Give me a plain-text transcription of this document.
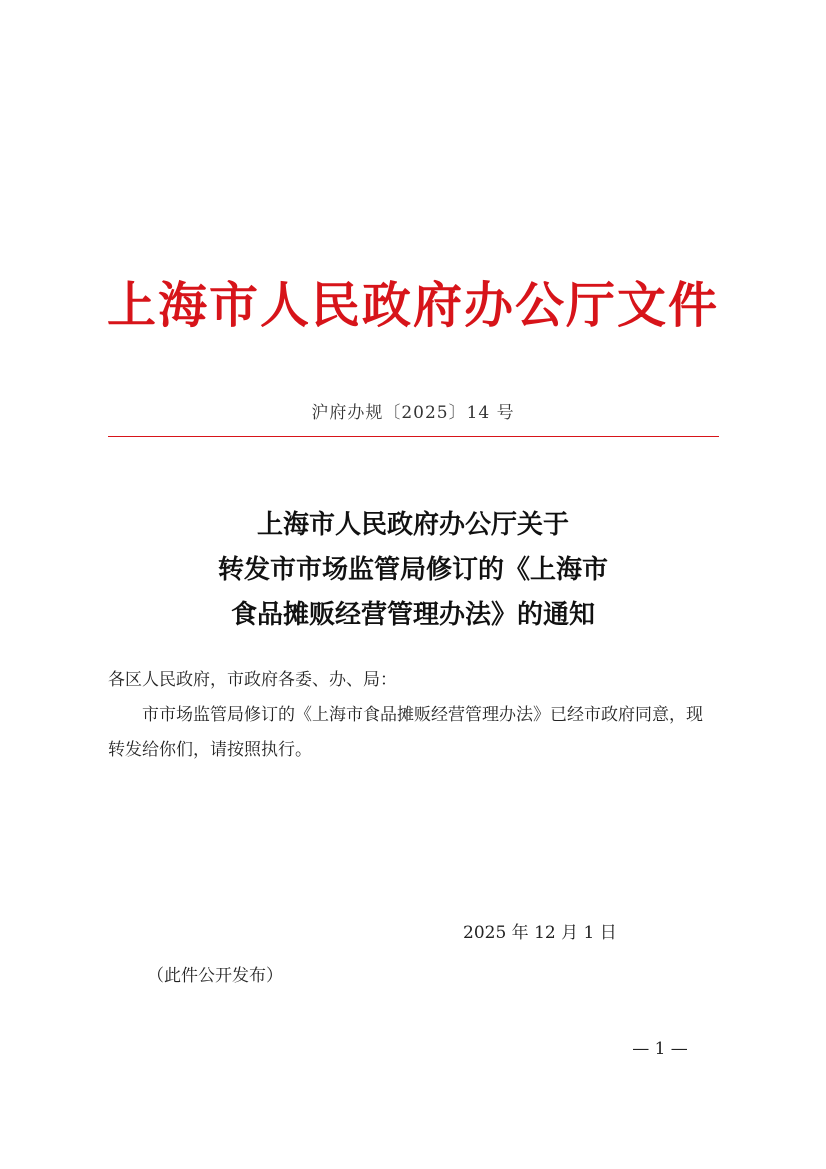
上海市人民政府办公厅文件
沪府办规〔2025〕14 号
上海市人民政府办公厅关于
转发市市场监管局修订的《上海市
食品摊贩经营管理办法》的通知

各区人民政府，市政府各委、办、局：

市市场监管局修订的《上海市食品摊贩经营管理办法》已经市政府同意，现转发给你们，请按照执行。

2025 年 12 月 1 日
（此件公开发布）
— 1 —
